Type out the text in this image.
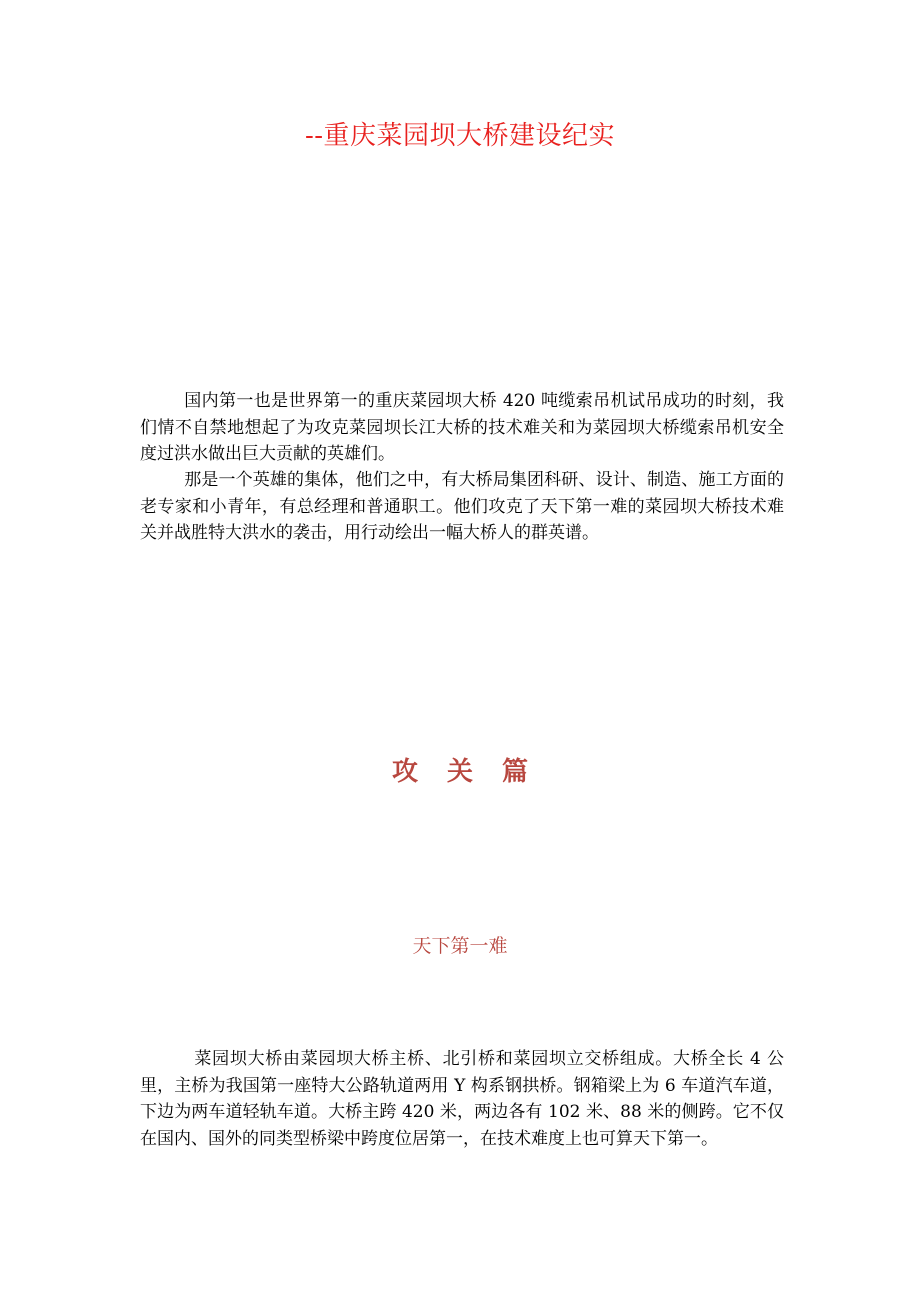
--重庆菜园坝大桥建设纪实

国内第一也是世界第一的重庆菜园坝大桥 420 吨缆索吊机试吊成功的时刻，我们情不自禁地想起了为攻克菜园坝长江大桥的技术难关和为菜园坝大桥缆索吊机安全度过洪水做出巨大贡献的英雄们。

那是一个英雄的集体，他们之中，有大桥局集团科研、设计、制造、施工方面的老专家和小青年，有总经理和普通职工。他们攻克了天下第一难的菜园坝大桥技术难关并战胜特大洪水的袭击，用行动绘出一幅大桥人的群英谱。

攻 关 篇
天下第一难

菜园坝大桥由菜园坝大桥主桥、北引桥和菜园坝立交桥组成。大桥全长 4 公里，主桥为我国第一座特大公路轨道两用 Y 构系钢拱桥。钢箱梁上为 6 车道汽车道，下边为两车道轻轨车道。大桥主跨 420 米，两边各有 102 米、88 米的侧跨。它不仅在国内、国外的同类型桥梁中跨度位居第一，在技术难度上也可算天下第一。
